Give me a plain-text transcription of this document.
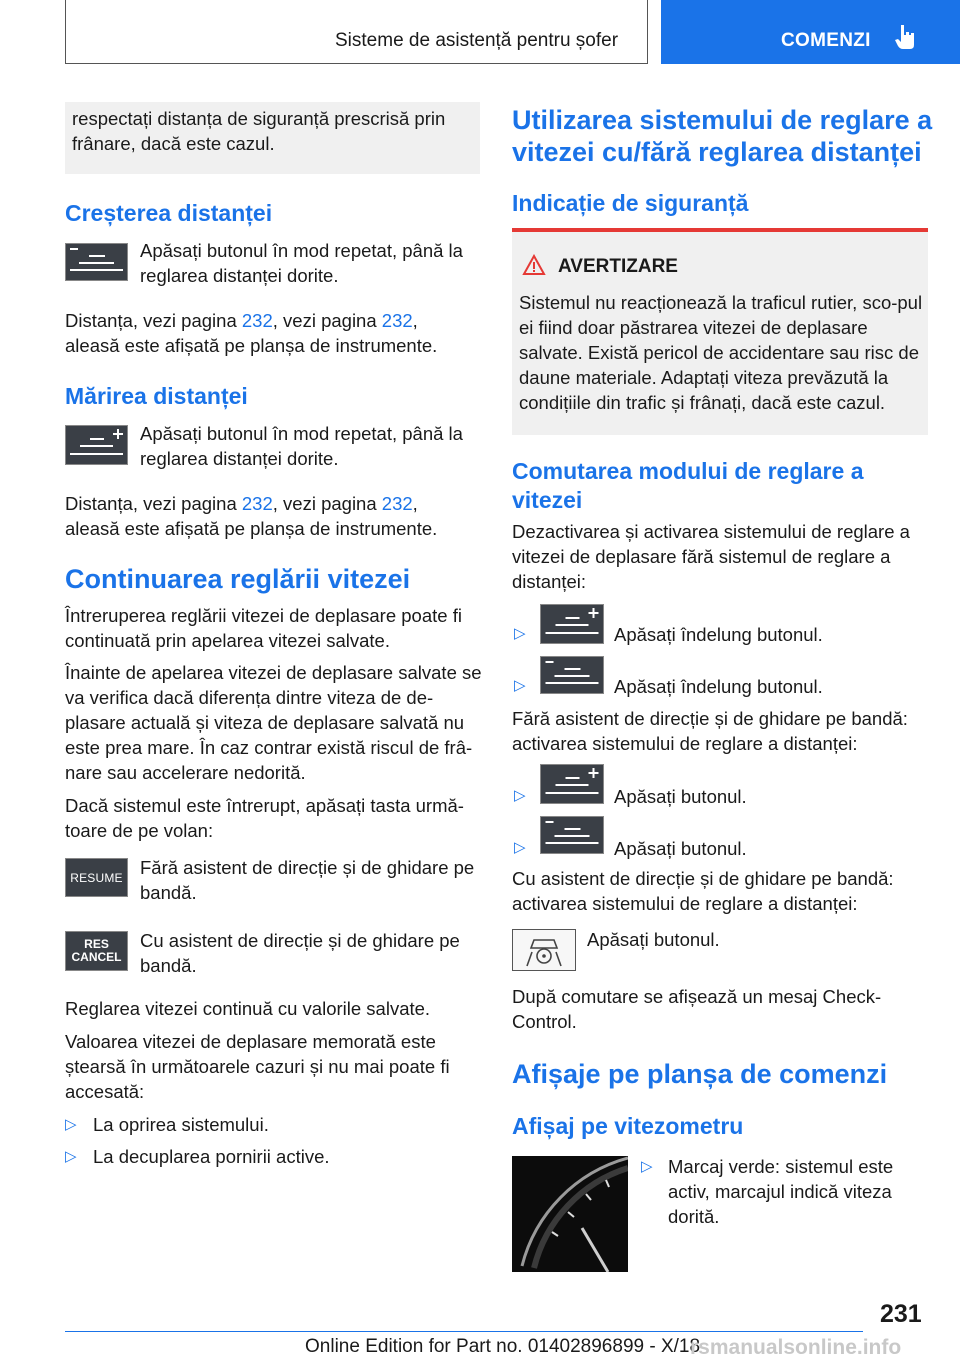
Sisteme de asistență pentru șofer	COMENZI

respectați distanța de siguranță prescrisă prin frânare, dacă este cazul.

Creșterea distanței

Apăsați butonul în mod repetat, până la reglarea distanței dorite.

Distanța, vezi pagina 232, vezi pagina 232,

aleasă este afișată pe planșa de instrumente.

Mărirea distanței

Apăsați butonul în mod repetat, până la reglarea distanței dorite.

Distanța, vezi pagina 232, vezi pagina 232,

aleasă este afișată pe planșa de instrumente.

Continuarea reglării vitezei

Întreruperea reglării vitezei de deplasare poate fi continuată prin apelarea vitezei salvate.

Înainte de apelarea vitezei de deplasare salvate se va verifica dacă diferența dintre viteza de de-plasare actuală și viteza de deplasare salvată nu este prea mare. În caz contrar există riscul de frâ-nare sau accelerare nedorită.

Dacă sistemul este întrerupt, apăsați tasta urmă-toare de pe volan:

RESUME Fără asistent de direcție și de ghidare pe bandă.

RES
CANCEL

Cu asistent de direcție și de ghidare pe bandă.

Reglarea vitezei continuă cu valorile salvate.

Valoarea vitezei de deplasare memorată este ștearsă în următoarele cazuri și nu mai poate fi accesată:

▷ La oprirea sistemului.
▷ La decuplarea pornirii active.
Utilizarea sistemului de reglare a vitezei cu/fără reglarea distanței
Indicație de siguranță
AVERTIZARE

Sistemul nu reacționează la traficul rutier, sco-pul ei fiind doar păstrarea vitezei de deplasare salvate. Există pericol de accidentare sau risc de daune materiale. Adaptați viteza prevăzută la condițiile din trafic și frânați, dacă este cazul.

Comutarea modului de reglare a vitezei

Dezactivarea și activarea sistemului de reglare a vitezei de deplasare fără sistemul de reglare a distanței:

▷	Apăsați îndelung butonul.
▷	Apăsați îndelung butonul.

Fără asistent de direcție și de ghidare pe bandă: activarea sistemului de reglare a distanței:

▷	Apăsați butonul.
▷	Apăsați butonul.

Cu asistent de direcție și de ghidare pe bandă: activarea sistemului de reglare a distanței:

Apăsați butonul.

După comutare se afișează un mesaj Check-Control.

Afișaje pe planșa de comenzi
Afișaj pe vitezometru
▷ Marcaj verde: sistemul este activ, marcajul indică viteza dorită.

231
Online Edition for Part no. 01402896899 - X/18
rsmanualsonline.info
